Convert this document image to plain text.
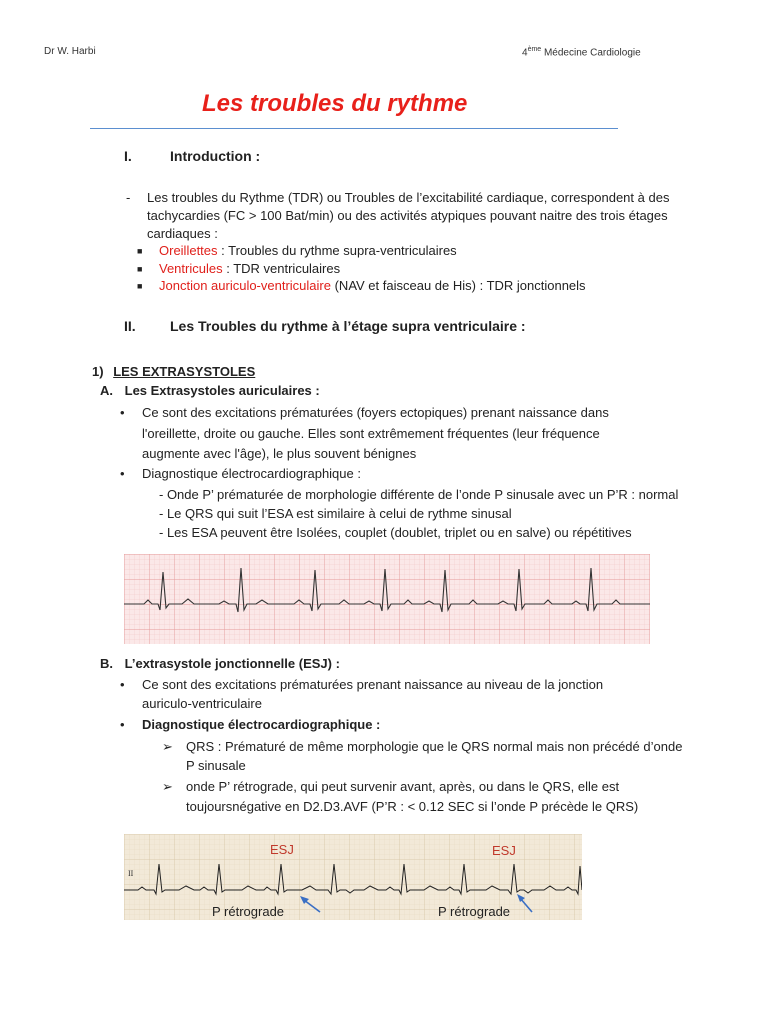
Dr W. Harbi	4ème Médecine Cardiologie
Les troubles du rythme
I.	Introduction :
- Les troubles du Rythme (TDR) ou Troubles de l’excitabilité cardiaque, correspondent à des
tachycardies (FC > 100 Bat/min) ou des activités atypiques pouvant naitre des trois étages
cardiaques :
■ Oreillettes : Troubles du rythme supra-ventriculaires
■ Ventricules : TDR ventriculaires
■ Jonction auriculo-ventriculaire (NAV et faisceau de His) : TDR jonctionnels
II. Les Troubles du rythme à l’étage supra ventriculaire :
1) LES EXTRASYSTOLES
A. Les Extrasystoles auriculaires :
• Ce sont des excitations prématurées (foyers ectopiques) prenant naissance dans
l'oreillette, droite ou gauche. Elles sont extrêmement fréquentes (leur fréquence
augmente avec l'âge), le plus souvent bénignes
• Diagnostique électrocardiographique :
- Onde P’ prématurée de morphologie différente de l’onde P sinusale avec un P’R : normal
- Le QRS qui suit l’ESA est similaire à celui de rythme sinusal
- Les ESA peuvent être Isolées, couplet (doublet, triplet ou en salve) ou répétitives
B. L’extrasystole jonctionnelle (ESJ) :
• Ce sont des excitations prématurées prenant naissance au niveau de la jonction
auriculo-ventriculaire
• Diagnostique électrocardiographique :
➢ QRS : Prématuré de même morphologie que le QRS normal mais non précédé d’onde
P sinusale
➢ onde P’ rétrograde, qui peut survenir avant, après, ou dans le QRS, elle est
toujoursnégative en D2.D3.AVF (P’R : < 0.12 SEC si l’onde P précède le QRS)
II
ESJ	ESJ
P rétrograde	P rétrograde
